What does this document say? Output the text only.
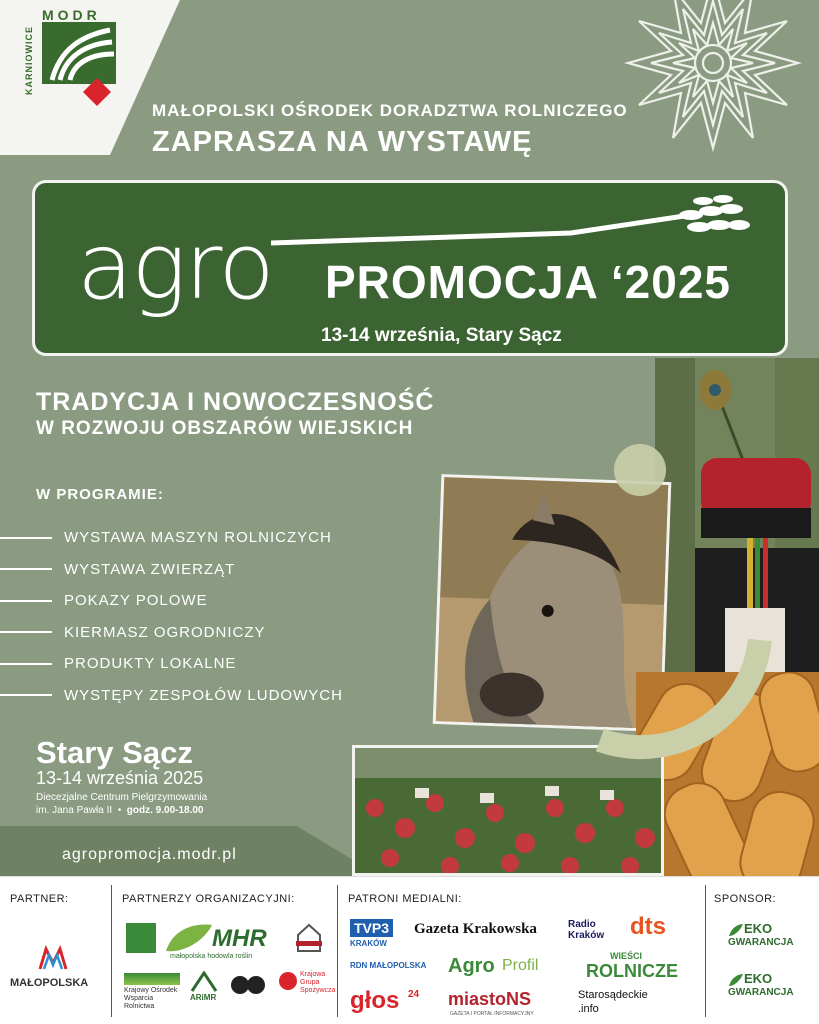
MODR
KARNIOWICE
MAŁOPOLSKI OŚRODEK DORADZTWA ROLNICZEGO
ZAPRASZA NA WYSTAWĘ
agro PROMOCJA ‘2025
13-14 września, Stary Sącz
TRADYCJA I NOWOCZESNOŚĆ
W ROZWOJU OBSZARÓW WIEJSKICH
W PROGRAMIE:
WYSTAWA MASZYN ROLNICZYCH
WYSTAWA ZWIERZĄT
POKAZY POLOWE
KIERMASZ OGRODNICZY
PRODUKTY LOKALNE
WYSTĘPY ZESPOŁÓW LUDOWYCH
Stary Sącz
13-14 września 2025
Diecezjalne Centrum Pielgrzymowania
im. Jana Pawła II  •  godz. 9.00-18.00
agropromocja.modr.pl
PARTNER:
MAŁOPOLSKA
PARTNERZY ORGANIZACYJNI:
MHR
małopolska hodowla roślin
Krajowy Ośrodek Wsparcia Rolnictwa
ARiMR
Krajowa Grupa Spożywcza
PATRONI MEDIALNI:
TVP3
KRAKÓW
Gazeta Krakowska	Radio Kraków	dts
RDN MAŁOPOLSKA Agro Profil
WIEŚCI
ROLNICZE
głos 24 miastoNS
GAZETA I PORTAL INFORMACYJNY
Starosądeckie
.info
SPONSOR:
EKO
GWARANCJA
EKO
GWARANCJA
